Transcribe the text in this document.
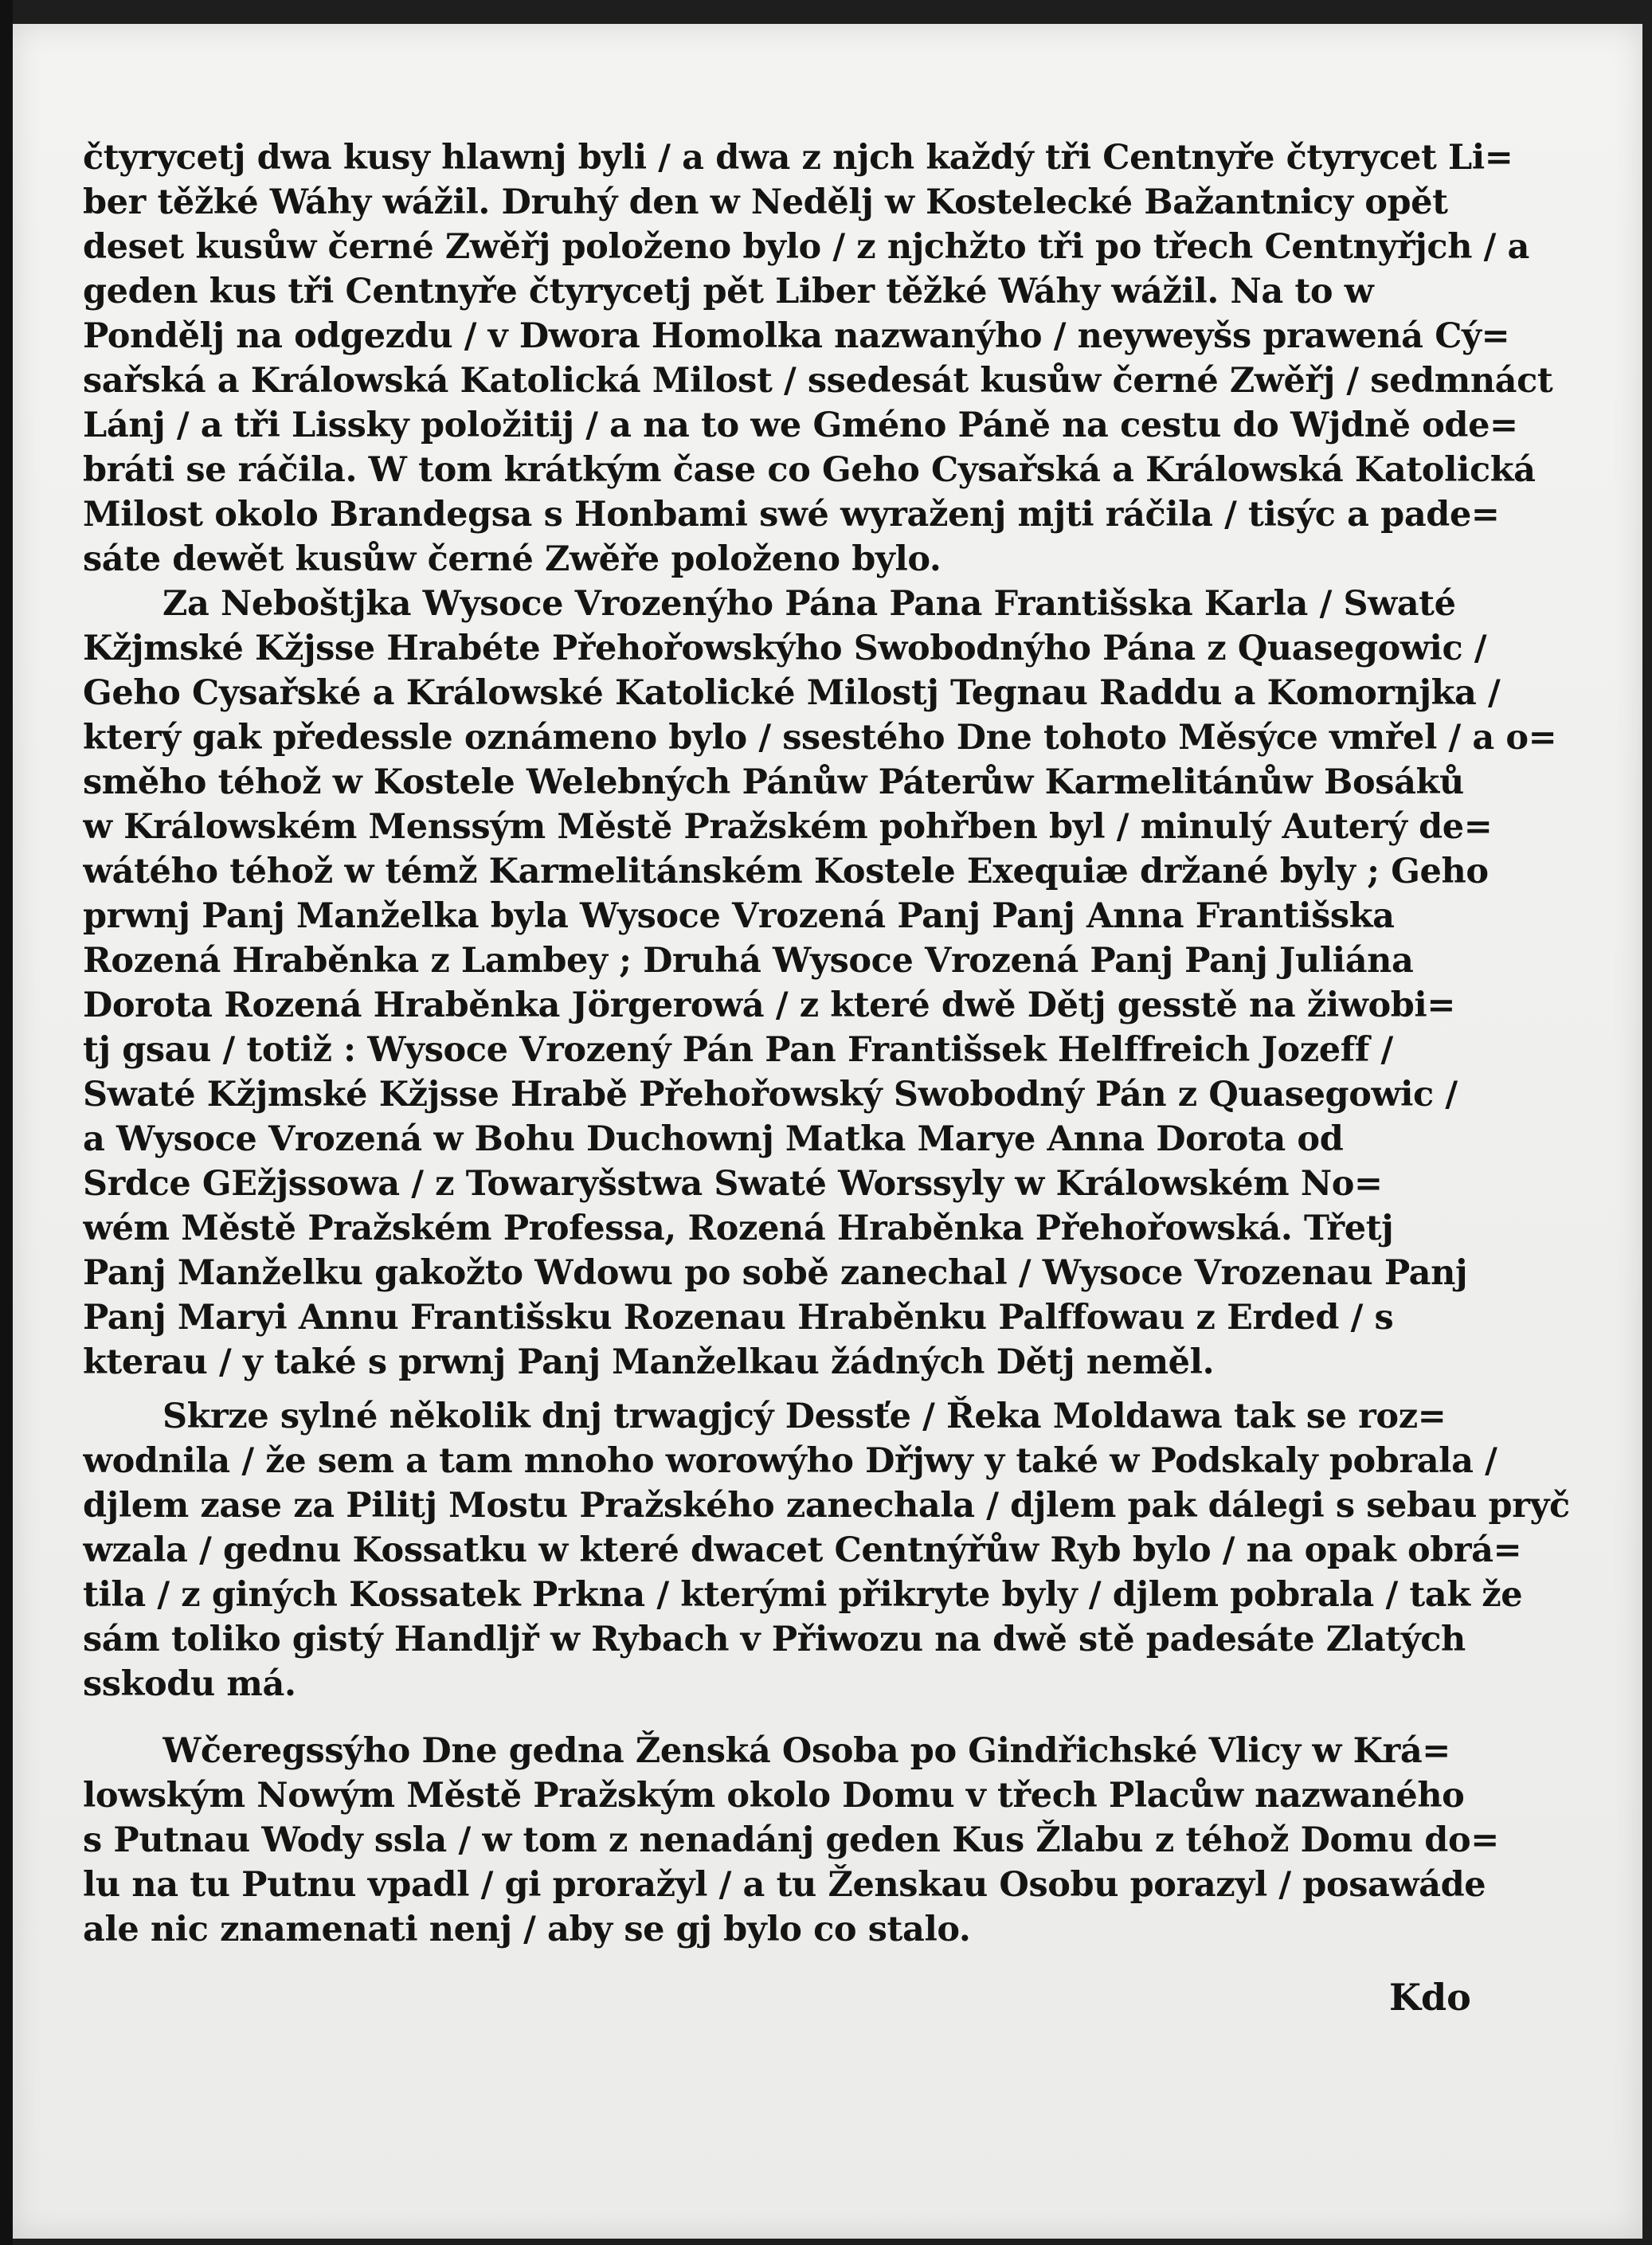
čtyrycetj dwa kusy hlawnj byli / a dwa z njch každý tři Centnyře čtyrycet Li=
ber těžké Wáhy wážil. Druhý den w Nedělj w Kostelecké Bažantnicy opět
deset kusůw černé Zwěřj položeno bylo / z njchžto tři po třech Centnyřjch / a
geden kus tři Centnyře čtyrycetj pět Liber těžké Wáhy wážil. Na to w
Pondělj na odgezdu / v Dwora Homolka nazwanýho / neyweyšs prawená Cý=
sařská a Králowská Katolická Milost / ssedesát kusůw černé Zwěřj / sedmnáct
Lánj / a tři Lissky položitij / a na to we Gméno Páně na cestu do Wjdně ode=
bráti se ráčila. W tom krátkým čase co Geho Cysařská a Králowská Katolická
Milost okolo Brandegsa s Honbami swé wyraženj mjti ráčila / tisýc a pade=
sáte dewět kusůw černé Zwěře položeno bylo.
Za Neboštjka Wysoce Vrozenýho Pána Pana Františska Karla / Swaté
Kžjmské Kžjsse Hrabéte Přehořowskýho Swobodnýho Pána z Quasegowic /
Geho Cysařské a Králowské Katolické Milostj Tegnau Raddu a Komornjka /
který gak předessle oznámeno bylo / ssestého Dne tohoto Měsýce vmřel / a o=
směho téhož w Kostele Welebných Pánůw Páterůw Karmelitánůw Bosáků
w Králowském Menssým Městě Pražském pohřben byl / minulý Auterý de=
wátého téhož w témž Karmelitánském Kostele Exequiæ držané byly ; Geho
prwnj Panj Manželka byla Wysoce Vrozená Panj Panj Anna Františska
Rozená Hraběnka z Lambey ; Druhá Wysoce Vrozená Panj Panj Juliána
Dorota Rozená Hraběnka Jörgerowá / z které dwě Dětj gesstě na žiwobi=
tj gsau / totiž : Wysoce Vrozený Pán Pan Františsek Helffreich Jozeff /
Swaté Kžjmské Kžjsse Hrabě Přehořowský Swobodný Pán z Quasegowic /
a Wysoce Vrozená w Bohu Duchownj Matka Marye Anna Dorota od
Srdce GEžjssowa / z Towaryšstwa Swaté Worssyly w Králowském No=
wém Městě Pražském Professa, Rozená Hraběnka Přehořowská. Třetj
Panj Manželku gakožto Wdowu po sobě zanechal / Wysoce Vrozenau Panj
Panj Maryi Annu Františsku Rozenau Hraběnku Palffowau z Erded / s
kterau / y také s prwnj Panj Manželkau žádných Dětj neměl.
Skrze sylné několik dnj trwagjcý Dessťe / Řeka Moldawa tak se roz=
wodnila / že sem a tam mnoho worowýho Dřjwy y také w Podskaly pobrala /
djlem zase za Pilitj Mostu Pražského zanechala / djlem pak dálegi s sebau pryč
wzala / gednu Kossatku w které dwacet Centnýřůw Ryb bylo / na opak obrá=
tila / z giných Kossatek Prkna / kterými přikryte byly / djlem pobrala / tak že
sám toliko gistý Handljř w Rybach v Přiwozu na dwě stě padesáte Zlatých
sskodu má.
Wčeregssýho Dne gedna Ženská Osoba po Gindřichské Vlicy w Krá=
lowským Nowým Městě Pražským okolo Domu v třech Placůw nazwaného
s Putnau Wody ssla / w tom z nenadánj geden Kus Žlabu z téhož Domu do=
lu na tu Putnu vpadl / gi proražyl / a tu Ženskau Osobu porazyl / posawáde
ale nic znamenati nenj / aby se gj bylo co stalo.
Kdo
